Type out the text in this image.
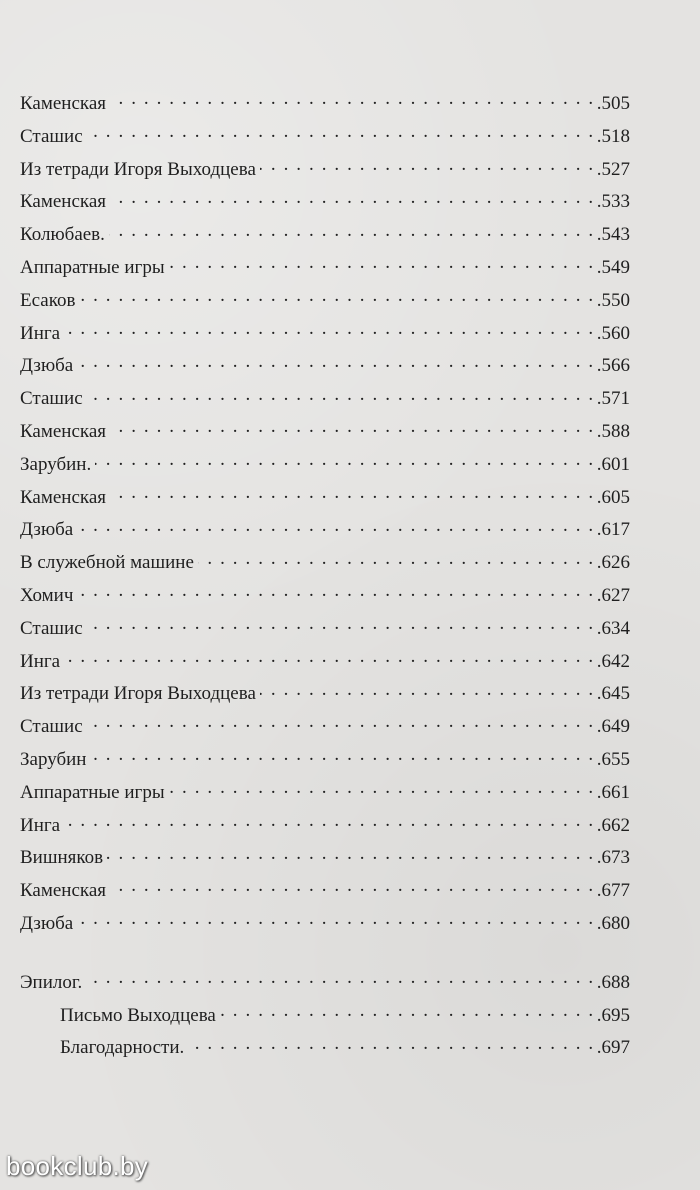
Каменская . . .	.505
Сташис . . .	.518
Из тетради Игоря Выходцева . . .	.527
Каменская . . .	.533
Колюбаев. . . .	.543
Аппаратные игры . . .	.549
Есаков . . .	.550
Инга . . .	.560
Дзюба . . .	.566
Сташис . . .	.571
Каменская . . .	.588
Зарубин. . . .	.601
Каменская . . .	.605
Дзюба . . .	.617
В служебной машине . . .	.626
Хомич . . .	.627
Сташис . . .	.634
Инга . . .	.642
Из тетради Игоря Выходцева . . .	.645
Сташис . . .	.649
Зарубин . . .	.655
Аппаратные игры . . .	.661
Инга . . .	.662
Вишняков . . .	.673
Каменская . . .	.677
Дзюба . . .	.680
Эпилог. . . .	.688
Письмо Выходцева . . .	.695
Благодарности. . . .	.697
bookclub.by
